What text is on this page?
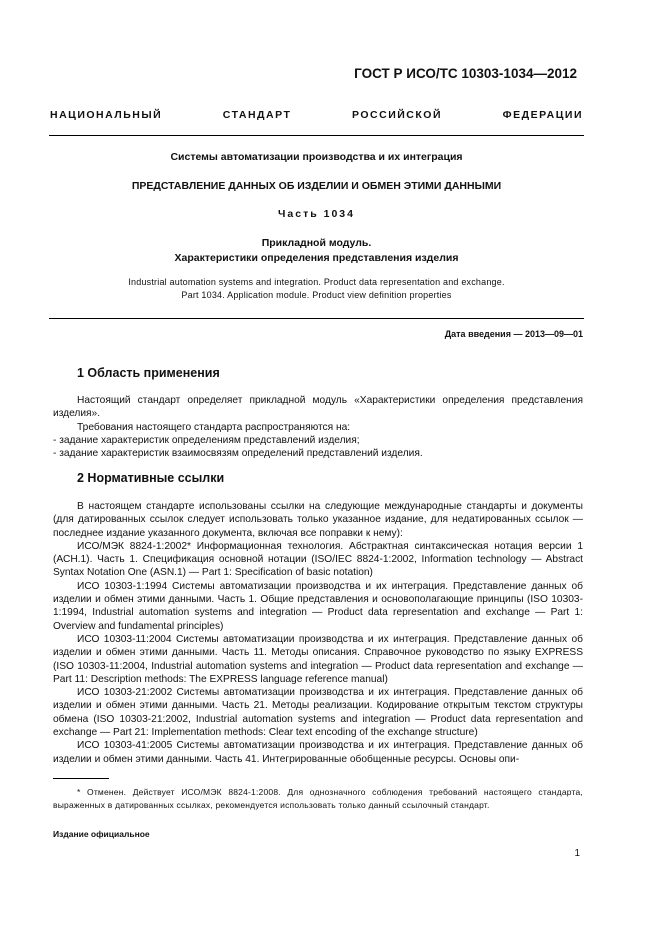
ГОСТ Р ИСО/ТС 10303-1034—2012
НАЦИОНАЛЬНЫЙ СТАНДАРТ РОССИЙСКОЙ ФЕДЕРАЦИИ
Системы автоматизации производства и их интеграция
ПРЕДСТАВЛЕНИЕ ДАННЫХ ОБ ИЗДЕЛИИ И ОБМЕН ЭТИМИ ДАННЫМИ
Часть 1034
Прикладной модуль.
Характеристики определения представления изделия
Industrial automation systems and integration. Product data representation and exchange.
Part 1034. Application module. Product view definition properties
Дата введения — 2013—09—01
1 Область применения

Настоящий стандарт определяет прикладной модуль «Характеристики определения представления изделия».

Требования настоящего стандарта распространяются на:

- задание характеристик определениям представлений изделия;

- задание характеристик взаимосвязям определений представлений изделия.

2 Нормативные ссылки

В настоящем стандарте использованы ссылки на следующие международные стандарты и документы (для датированных ссылок следует использовать только указанное издание, для недатированных ссылок — последнее издание указанного документа, включая все поправки к нему):

ИСО/МЭК 8824-1:2002* Информационная технология. Абстрактная синтаксическая нотация версии 1 (АСН.1). Часть 1. Спецификация основной нотации (ISO/IEC 8824-1:2002, Information technology — Abstract Syntax Notation One (ASN.1) — Part 1: Specification of basic notation)

ИСО 10303-1:1994 Системы автоматизации производства и их интеграция. Представление данных об изделии и обмен этими данными. Часть 1. Общие представления и основополагающие принципы (ISO 10303-1:1994, Industrial automation systems and integration — Product data representation and exchange — Part 1: Overview and fundamental principles)

ИСО 10303-11:2004 Системы автоматизации производства и их интеграция. Представление данных об изделии и обмен этими данными. Часть 11. Методы описания. Справочное руководство по языку EXPRESS (ISO 10303-11:2004, Industrial automation systems and integration — Product data representation and exchange — Part 11: Description methods: The EXPRESS language reference manual)

ИСО 10303-21:2002 Системы автоматизации производства и их интеграция. Представление данных об изделии и обмен этими данными. Часть 21. Методы реализации. Кодирование открытым текстом структуры обмена (ISO 10303-21:2002, Industrial automation systems and integration — Product data representation and exchange — Part 21: Implementation methods: Clear text encoding of the exchange structure)

ИСО 10303-41:2005 Системы автоматизации производства и их интеграция. Представление данных об изделии и обмен этими данными. Часть 41. Интегрированные обобщенные ресурсы. Основы опи-

* Отменен. Действует ИСО/МЭК 8824-1:2008. Для однозначного соблюдения требований настоящего стандарта, выраженных в датированных ссылках, рекомендуется использовать только данный ссылочный стандарт.

Издание официальное
1
